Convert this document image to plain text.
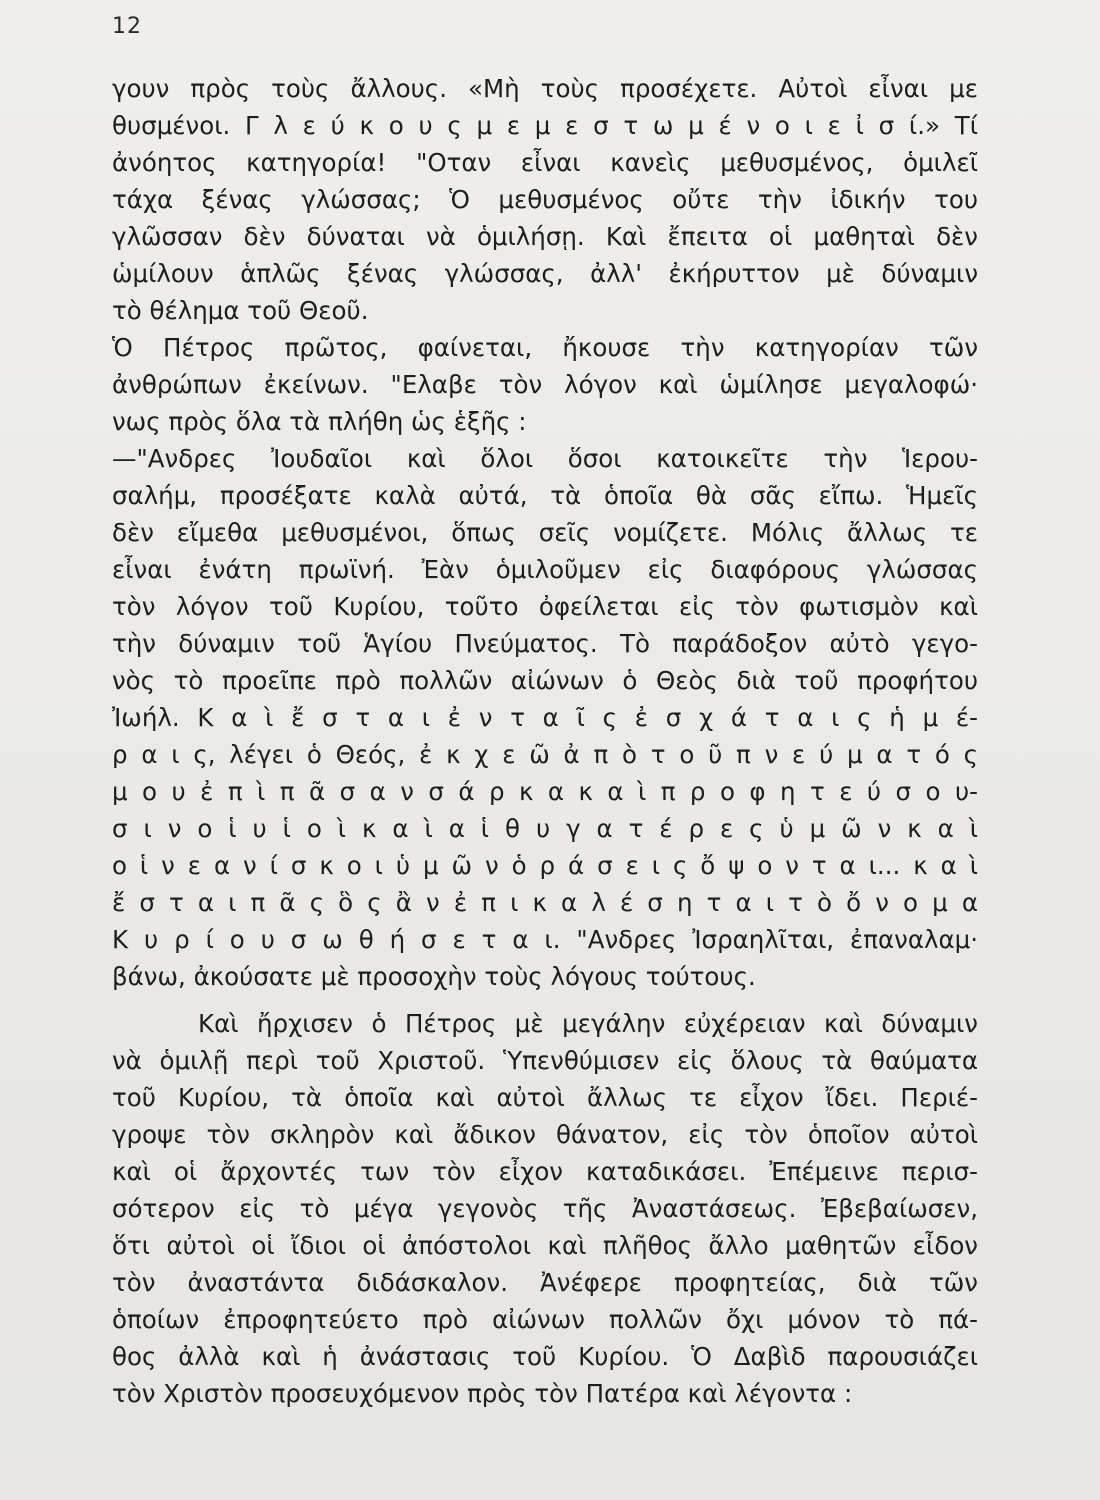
12
γουν πρὸς τοὺς ἄλλους. «Μὴ τοὺς προσέχετε. Αὐτοὶ εἶναι με
θυσμένοι. Γ λ ε ύ κ ο υ ς μ ε μ ε σ τ ω μ έ ν ο ι ε ἰ σ ί.» Τί
ἀνόητος κατηγορία! "Οταν εἶναι κανεὶς μεθυσμένος, ὁμιλεῖ
τάχα ξένας γλώσσας; Ὁ μεθυσμένος οὔτε τὴν ἰδικήν του
γλῶσσαν δὲν δύναται νὰ ὁμιλήσῃ. Καὶ ἔπειτα οἱ μαθηταὶ δὲν
ὡμίλουν ἁπλῶς ξένας γλώσσας, ἀλλ' ἐκήρυττον μὲ δύναμιν
τὸ θέλημα τοῦ Θεοῦ.
Ὁ Πέτρος πρῶτος, φαίνεται, ἤκουσε τὴν κατηγορίαν τῶν
ἀνθρώπων ἐκείνων. "Ελαβε τὸν λόγον καὶ ὡμίλησε μεγαλοφώ·
νως πρὸς ὅλα τὰ πλήθη ὡς ἑξῆς :
—"Ανδρες Ἰουδαῖοι καὶ ὅλοι ὅσοι κατοικεῖτε τὴν Ἱερου-
σαλήμ, προσέξατε καλὰ αὐτά, τὰ ὁποῖα θὰ σᾶς εἴπω. Ἡμεῖς
δὲν εἴμεθα μεθυσμένοι, ὅπως σεῖς νομίζετε. Μόλις ἄλλως τε
εἶναι ἐνάτη πρωϊνή. Ἐὰν ὁμιλοῦμεν εἰς διαφόρους γλώσσας
τὸν λόγον τοῦ Κυρίου, τοῦτο ὀφείλεται εἰς τὸν φωτισμὸν καὶ
τὴν δύναμιν τοῦ Ἁγίου Πνεύματος. Τὸ παράδοξον αὐτὸ γεγο-
νὸς τὸ προεῖπε πρὸ πολλῶν αἰώνων ὁ Θεὸς διὰ τοῦ προφήτου
Ἰωήλ. Κ α ὶ ἔ σ τ α ι ἐ ν τ α ῖ ς ἐ σ χ ά τ α ι ς ἡ μ έ-
ρ α ι ς, λέγει ὁ Θεός, ἐ κ χ ε ῶ ἀ π ὸ τ ο ῦ π ν ε ύ μ α τ ό ς
μ ο υ ἐ π ὶ π ᾶ σ α ν σ ά ρ κ α κ α ὶ π ρ ο φ η τ ε ύ σ ο υ-
σ ι ν ο ἱ υ ἱ ο ὶ κ α ὶ α ἱ θ υ γ α τ έ ρ ε ς ὑ μ ῶ ν κ α ὶ
ο ἱ ν ε α ν ί σ κ ο ι ὑ μ ῶ ν ὁ ρ ά σ ε ι ς ὄ ψ ο ν τ α ι... κ α ὶ
ἔ σ τ α ι π ᾶ ς ὃ ς ἂ ν ἐ π ι κ α λ έ σ η τ α ι τ ὸ ὄ ν ο μ α
Κ υ ρ ί ο υ σ ω θ ή σ ε τ α ι. "Ανδρες Ἰσραηλῖται, ἐπαναλαμ·
βάνω, ἀκούσατε μὲ προσοχὴν τοὺς λόγους τούτους.
Καὶ ἤρχισεν ὁ Πέτρος μὲ μεγάλην εὐχέρειαν καὶ δύναμιν
νὰ ὁμιλῇ περὶ τοῦ Χριστοῦ. Ὑπενθύμισεν εἰς ὅλους τὰ θαύματα
τοῦ Κυρίου, τὰ ὁποῖα καὶ αὐτοὶ ἄλλως τε εἶχον ἴδει. Περιέ-
γροψε τὸν σκληρὸν καὶ ἄδικον θάνατον, εἰς τὸν ὁποῖον αὐτοὶ
καὶ οἱ ἄρχοντές των τὸν εἶχον καταδικάσει. Ἐπέμεινε περισ-
σότερον εἰς τὸ μέγα γεγονὸς τῆς Ἀναστάσεως. Ἐβεβαίωσεν,
ὅτι αὐτοὶ οἱ ἴδιοι οἱ ἀπόστολοι καὶ πλῆθος ἄλλο μαθητῶν εἶδον
τὸν ἀναστάντα διδάσκαλον. Ἀνέφερε προφητείας, διὰ τῶν
ὁποίων ἐπροφητεύετο πρὸ αἰώνων πολλῶν ὄχι μόνον τὸ πά-
θος ἀλλὰ καὶ ἡ ἀνάστασις τοῦ Κυρίου. Ὁ Δαβὶδ παρουσιάζει
τὸν Χριστὸν προσευχόμενον πρὸς τὸν Πατέρα καὶ λέγοντα :
